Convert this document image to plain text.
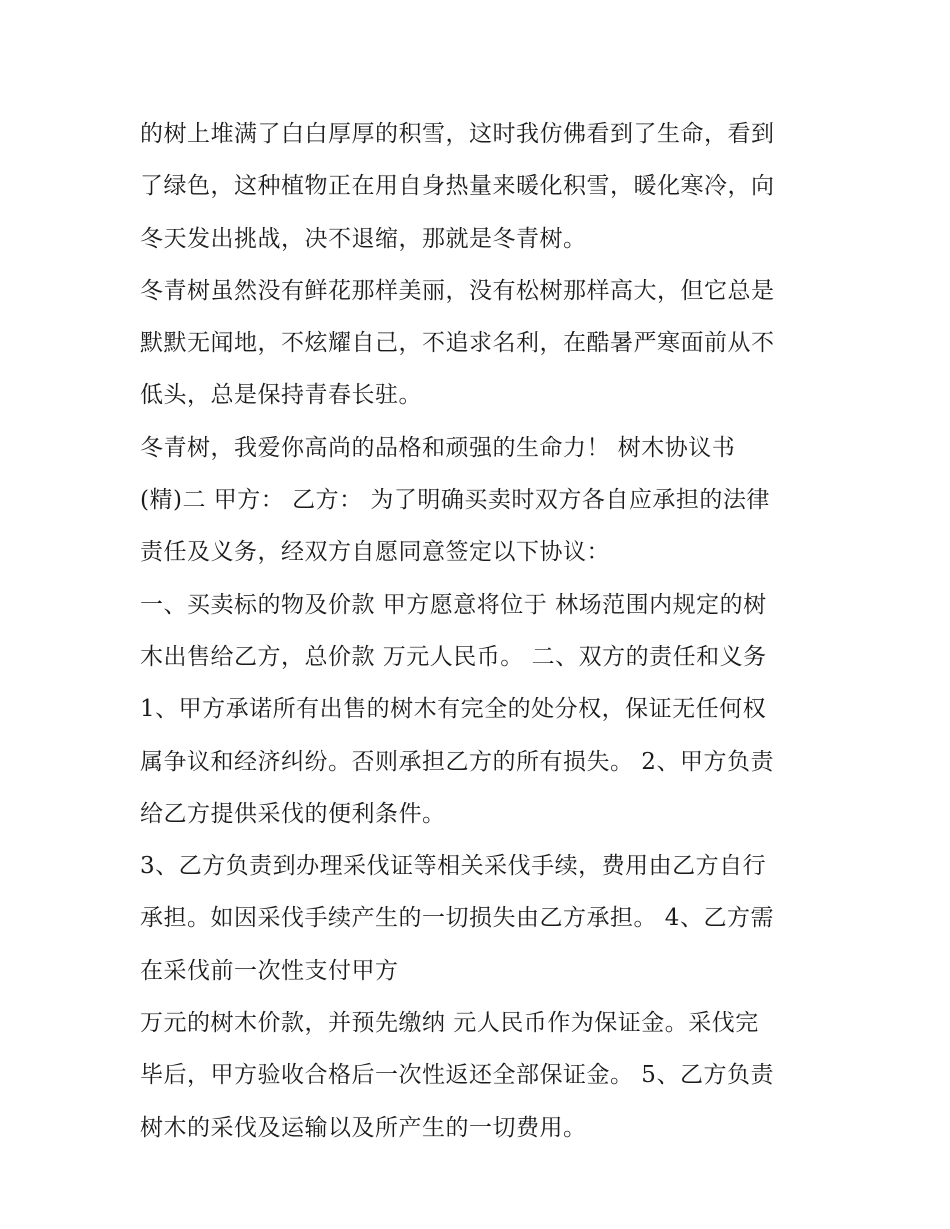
的树上堆满了白白厚厚的积雪，这时我仿佛看到了生命，看到
了绿色，这种植物正在用自身热量来暖化积雪，暖化寒冷，向
冬天发出挑战，决不退缩，那就是冬青树。
冬青树虽然没有鲜花那样美丽，没有松树那样高大，但它总是
默默无闻地，不炫耀自己，不追求名利，在酷暑严寒面前从不
低头，总是保持青春长驻。
冬青树，我爱你高尚的品格和顽强的生命力！ 树木协议书
(精)二 甲方： 乙方： 为了明确买卖时双方各自应承担的法律
责任及义务，经双方自愿同意签定以下协议：
一、买卖标的物及价款 甲方愿意将位于 林场范围内规定的树
木出售给乙方，总价款 万元人民币。 二、双方的责任和义务
1、甲方承诺所有出售的树木有完全的处分权，保证无任何权
属争议和经济纠纷。否则承担乙方的所有损失。 2、甲方负责
给乙方提供采伐的便利条件。
3、乙方负责到办理采伐证等相关采伐手续，费用由乙方自行
承担。如因采伐手续产生的一切损失由乙方承担。 4、乙方需
在采伐前一次性支付甲方
万元的树木价款，并预先缴纳 元人民币作为保证金。采伐完
毕后，甲方验收合格后一次性返还全部保证金。 5、乙方负责
树木的采伐及运输以及所产生的一切费用。
